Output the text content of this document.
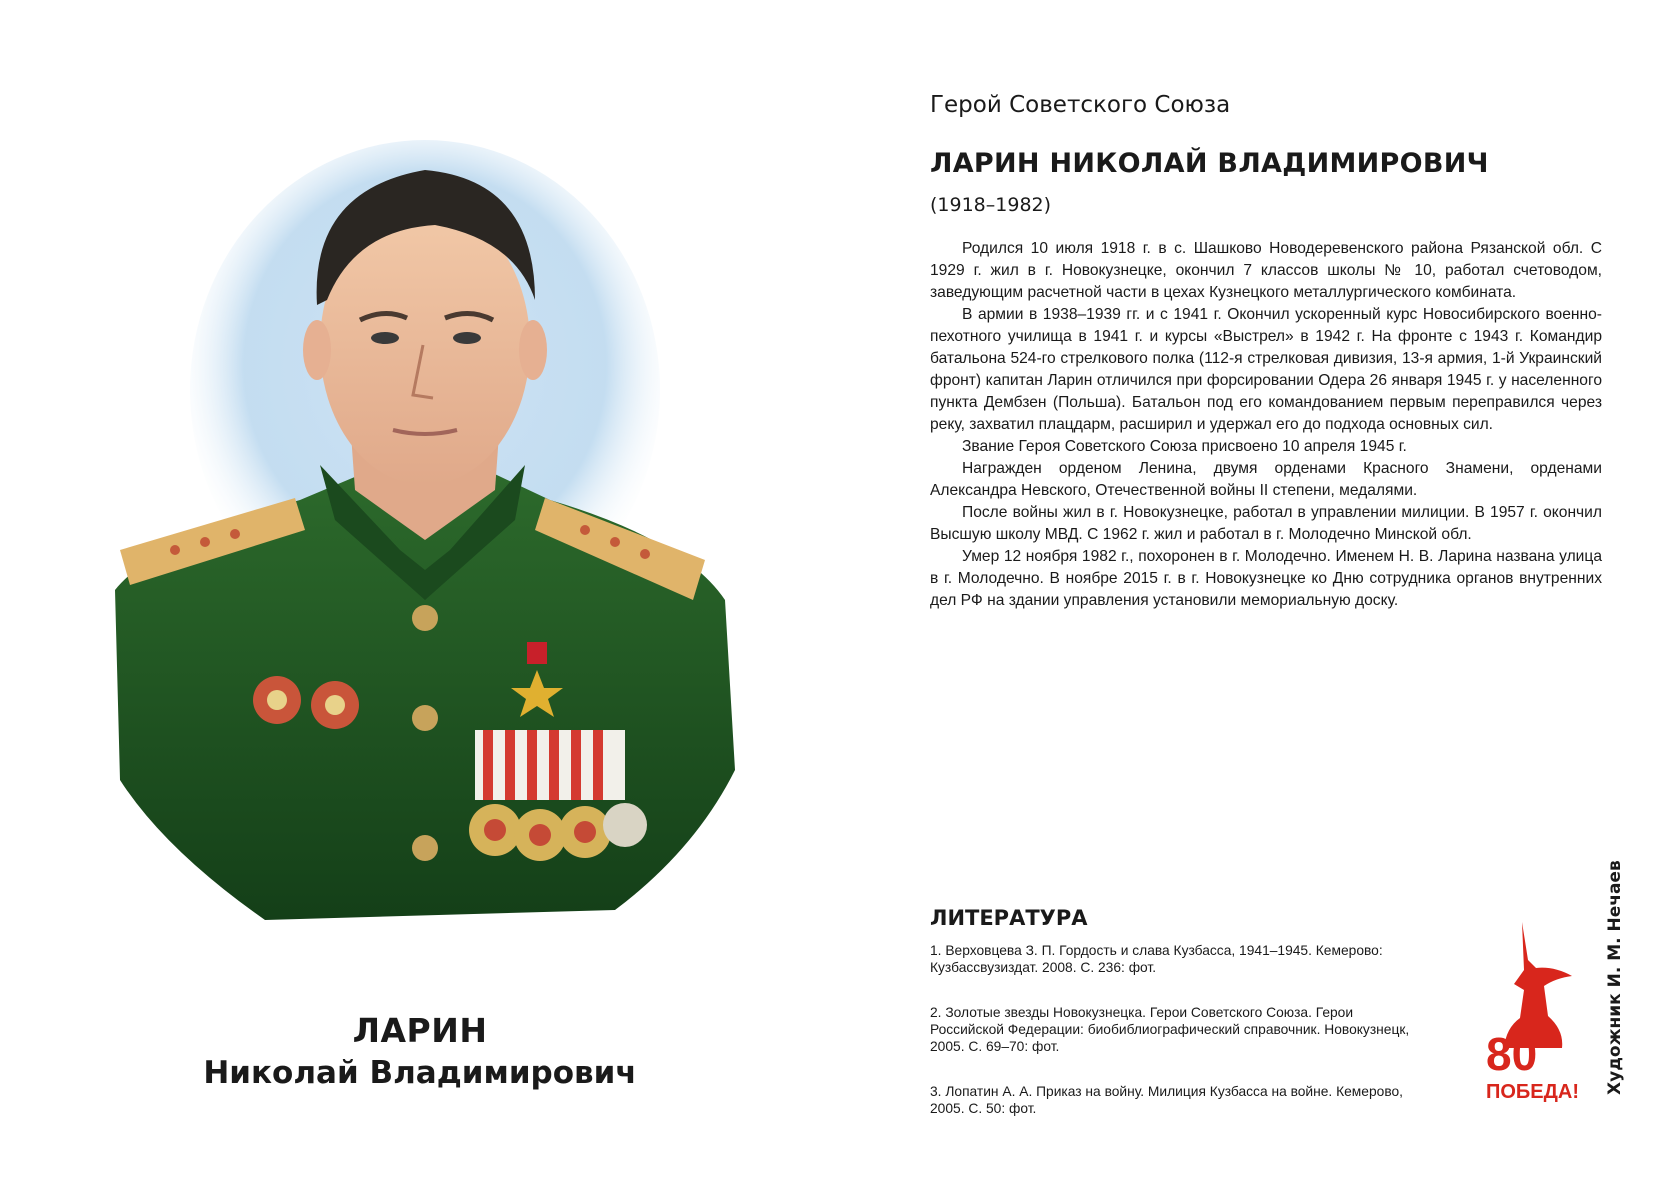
ЛАРИН
Николай Владимирович
Герой Советского Союза
ЛАРИН НИКОЛАЙ ВЛАДИМИРОВИЧ
(1918–1982)

Родился 10 июля 1918 г. в с. Шашково Новодеревенского района Рязанской обл. С 1929 г. жил в г. Новокузнецке, окончил 7 классов школы № 10, работал счетоводом, заведующим расчетной части в цехах Кузнецкого металлургического комбината.

В армии в 1938–1939 гг. и с 1941 г. Окончил ускоренный курс Новосибирского военно-пехотного училища в 1941 г. и курсы «Выстрел» в 1942 г. На фронте с 1943 г. Командир батальона 524-го стрелкового полка (112-я стрелковая дивизия, 13-я армия, 1-й Украинский фронт) капитан Ларин отличился при форсировании Одера 26 января 1945 г. у населенного пункта Дембзен (Польша). Батальон под его командованием первым переправился через реку, захватил плацдарм, расширил и удержал его до подхода основных сил.

Звание Героя Советского Союза присвоено 10 апреля 1945 г.

Награжден орденом Ленина, двумя орденами Красного Знамени, орденами Александра Невского, Отечественной войны II степени, медалями.

После войны жил в г. Новокузнецке, работал в управлении милиции. В 1957 г. окончил Высшую школу МВД. С 1962 г. жил и работал в г. Молодечно Минской обл.

Умер 12 ноября 1982 г., похоронен в г. Молодечно. Именем Н. В. Ларина названа улица в г. Молодечно. В ноябре 2015 г. в г. Новокузнецке ко Дню сотрудника органов внутренних дел РФ на здании управления установили мемориальную доску.

ЛИТЕРАТУРА
1. Верховцева З. П. Гордость и слава Кузбасса, 1941–1945. Кемерово: Кузбассвузиздат. 2008. С. 236: фот.
2. Золотые звезды Новокузнецка. Герои Советского Союза. Герои Российской Федерации: биобиблиографический справочник. Новокузнецк, 2005. С. 69–70: фот.
3. Лопатин А. А. Приказ на войну. Милиция Кузбасса на войне. Кемерово, 2005. С. 50: фот.
80
ПОБЕДА! Художник И. М. Нечаев
